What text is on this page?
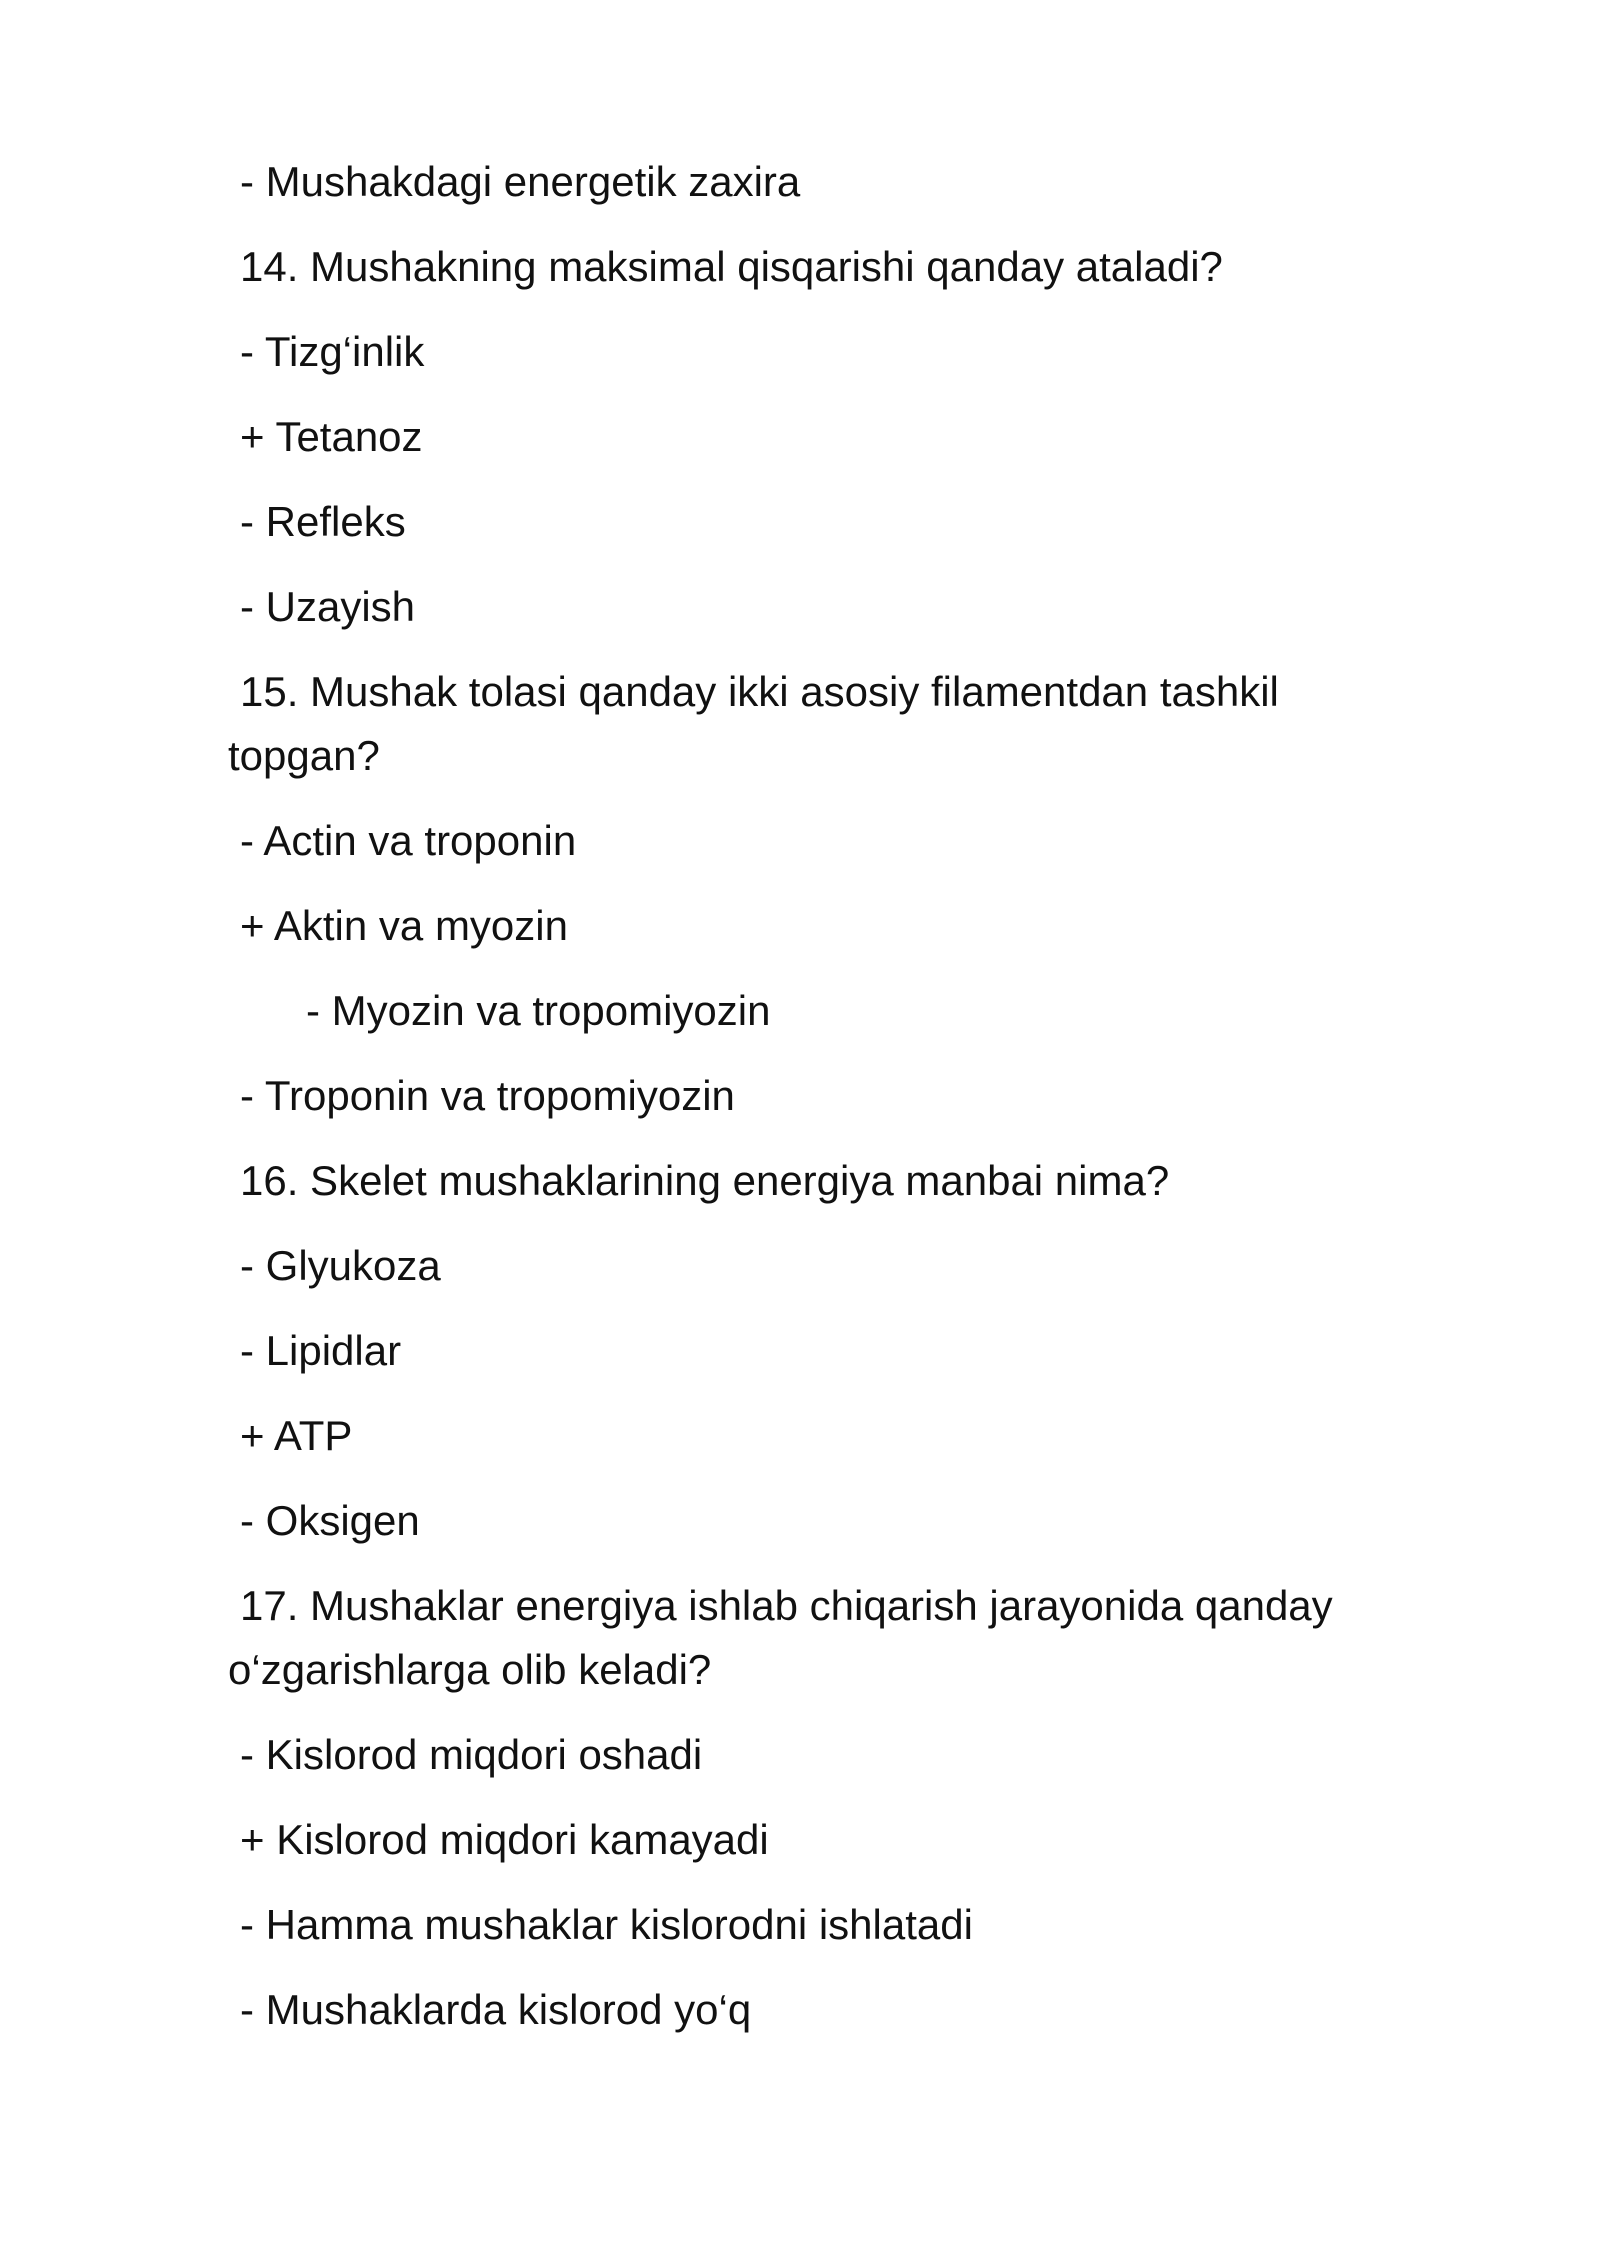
- Mushakdagi energetik zaxira
14. Mushakning maksimal qisqarishi qanday ataladi?
- Tizg‘inlik
+ Tetanoz
- Refleks
- Uzayish
15. Mushak tolasi qanday ikki asosiy filamentdan tashkil topgan?
- Actin va troponin
+ Aktin va myozin
- Myozin va tropomiyozin
- Troponin va tropomiyozin
16. Skelet mushaklarining energiya manbai nima?
- Glyukoza
- Lipidlar
+ ATP
- Oksigen
17. Mushaklar energiya ishlab chiqarish jarayonida qanday o‘zgarishlarga olib keladi?
- Kislorod miqdori oshadi
+ Kislorod miqdori kamayadi
- Hamma mushaklar kislorodni ishlatadi
- Mushaklarda kislorod yo‘q
